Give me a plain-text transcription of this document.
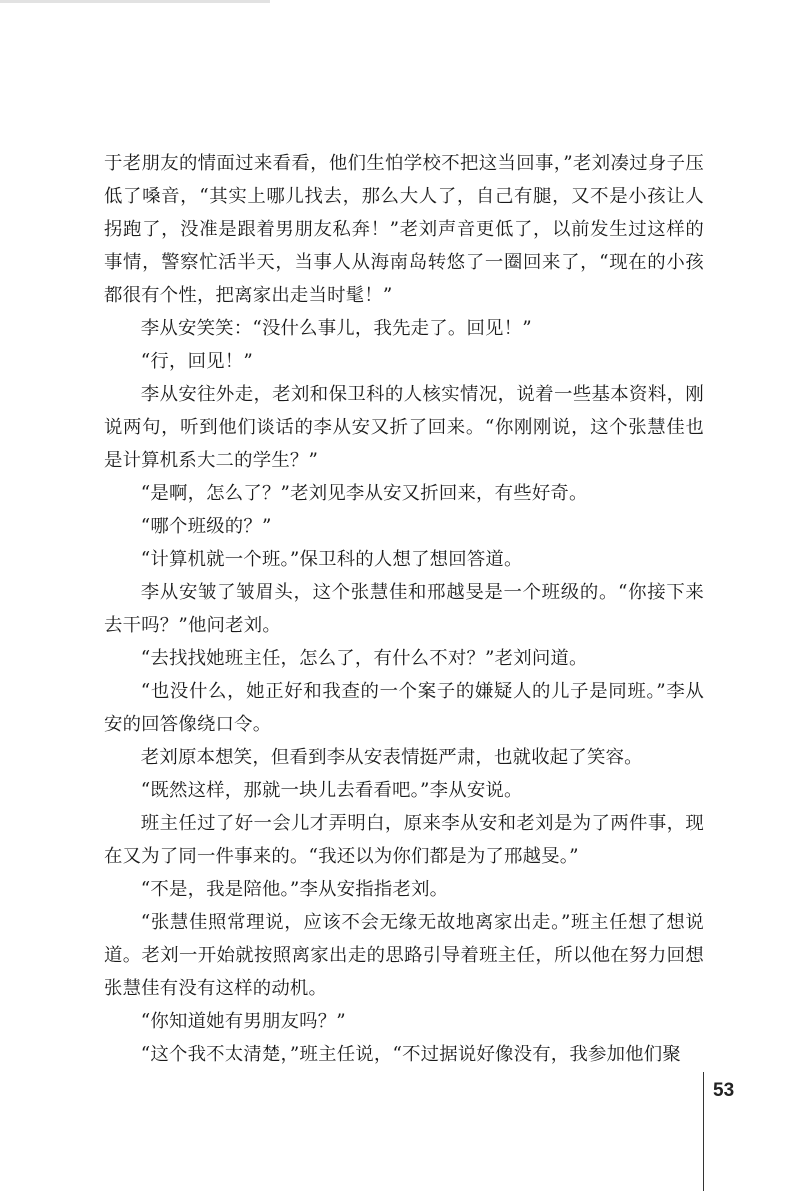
于老朋友的情面过来看看，他们生怕学校不把这当回事，”老刘凑过身子压低了嗓音，“其实上哪儿找去，那么大人了，自己有腿，又不是小孩让人拐跑了，没准是跟着男朋友私奔！”老刘声音更低了，以前发生过这样的事情，警察忙活半天，当事人从海南岛转悠了一圈回来了，“现在的小孩都很有个性，把离家出走当时髦！”

李从安笑笑：“没什么事儿，我先走了。回见！”

“行，回见！”

李从安往外走，老刘和保卫科的人核实情况，说着一些基本资料，刚说两句，听到他们谈话的李从安又折了回来。“你刚刚说，这个张慧佳也是计算机系大二的学生？”

“是啊，怎么了？”老刘见李从安又折回来，有些好奇。

“哪个班级的？”

“计算机就一个班。”保卫科的人想了想回答道。

李从安皱了皱眉头，这个张慧佳和邢越旻是一个班级的。“你接下来去干吗？”他问老刘。

“去找找她班主任，怎么了，有什么不对？”老刘问道。

“也没什么，她正好和我查的一个案子的嫌疑人的儿子是同班。”李从安的回答像绕口令。

老刘原本想笑，但看到李从安表情挺严肃，也就收起了笑容。

“既然这样，那就一块儿去看看吧。”李从安说。

班主任过了好一会儿才弄明白，原来李从安和老刘是为了两件事，现在又为了同一件事来的。“我还以为你们都是为了邢越旻。”

“不是，我是陪他。”李从安指指老刘。

“张慧佳照常理说，应该不会无缘无故地离家出走。”班主任想了想说道。老刘一开始就按照离家出走的思路引导着班主任，所以他在努力回想张慧佳有没有这样的动机。

“你知道她有男朋友吗？”

“这个我不太清楚，”班主任说，“不过据说好像没有，我参加他们聚

53
